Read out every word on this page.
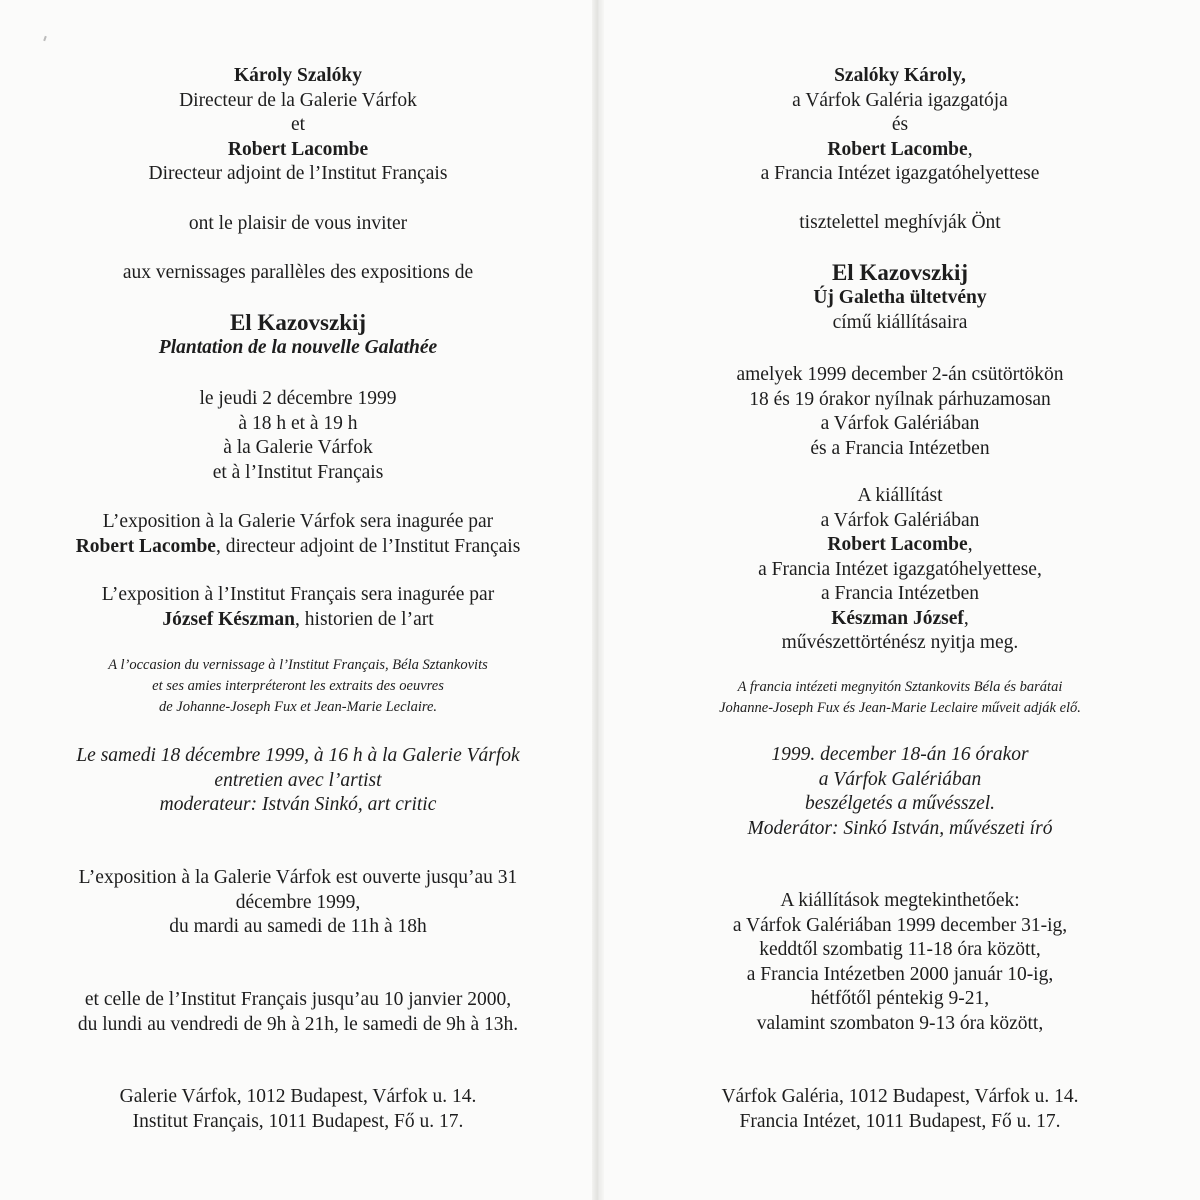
Károly Szalóky
Directeur de la Galerie Várfok
et
Robert Lacombe
Directeur adjoint de l’Institut Français
ont le plaisir de vous inviter
aux vernissages parallèles des expositions de
El Kazovszkij
Plantation de la nouvelle Galathée
le jeudi 2 décembre 1999
à 18 h et à 19 h
à la Galerie Várfok
et à l’Institut Français
L’exposition à la Galerie Várfok sera inagurée par
Robert Lacombe, directeur adjoint de l’Institut Français
L’exposition à l’Institut Français sera inagurée par
József Készman, historien de l’art
A l’occasion du vernissage à l’Institut Français, Béla Sztankovits
et ses amies interpréteront les extraits des oeuvres
de Johanne-Joseph Fux et Jean-Marie Leclaire.
Le samedi 18 décembre 1999, à 16 h à la Galerie Várfok
entretien avec l’artist
moderateur: István Sinkó, art critic
L’exposition à la Galerie Várfok est ouverte jusqu’au 31
décembre 1999,
du mardi au samedi de 11h à 18h
et celle de l’Institut Français jusqu’au 10 janvier 2000,
du lundi au vendredi de 9h à 21h, le samedi de 9h à 13h.
Galerie Várfok, 1012 Budapest, Várfok u. 14.
Institut Français, 1011 Budapest, Fő u. 17.
Szalóky Károly,
a Várfok Galéria igazgatója
és
Robert Lacombe,
a Francia Intézet igazgatóhelyettese
tisztelettel meghívják Önt
El Kazovszkij
Új Galetha ültetvény
című kiállításaira
amelyek 1999 december 2-án csütörtökön
18 és 19 órakor nyílnak párhuzamosan
a Várfok Galériában
és a Francia Intézetben
A kiállítást
a Várfok Galériában
Robert Lacombe,
a Francia Intézet igazgatóhelyettese,
a Francia Intézetben
Készman József,
művészettörténész nyitja meg.
A francia intézeti megnyitón Sztankovits Béla és barátai
Johanne-Joseph Fux és Jean-Marie Leclaire műveit adják elő.
1999. december 18-án 16 órakor
a Várfok Galériában
beszélgetés a művésszel.
Moderátor: Sinkó István, művészeti író
A kiállítások megtekinthetőek:
a Várfok Galériában 1999 december 31-ig,
keddtől szombatig 11-18 óra között,
a Francia Intézetben 2000 január 10-ig,
hétfőtől péntekig 9-21,
valamint szombaton 9-13 óra között,
Várfok Galéria, 1012 Budapest, Várfok u. 14.
Francia Intézet, 1011 Budapest, Fő u. 17.
